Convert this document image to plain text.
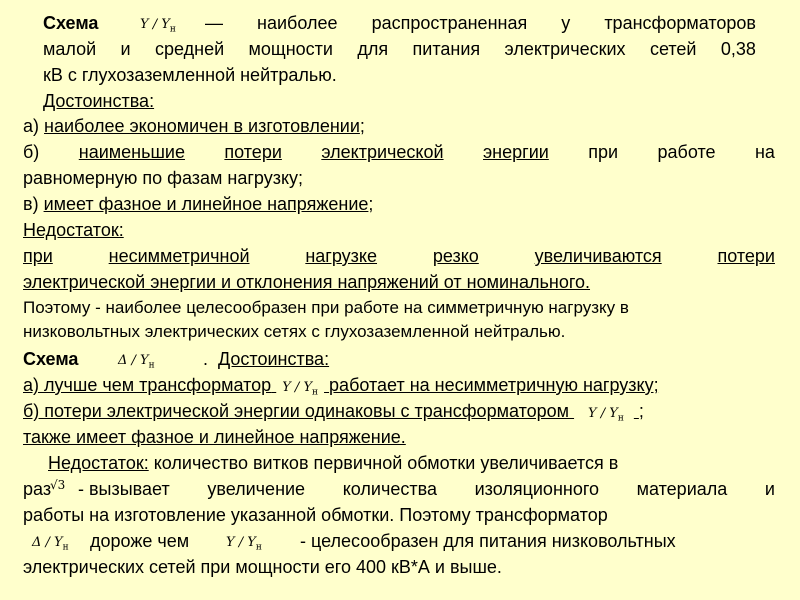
Схема	Y / $Y_н$ — наиболее распространенная у трансформаторов
малой и средней мощности для питания электрических сетей 0,38
кВ с глухозаземленной нейтралью.
Достоинства:
а) наиболее экономичен в изготовлении;
б) наименьшие потери электрической энергии при работе на
равномерную по фазам нагрузку;
в) имеет фазное и линейное напряжение;
Недостаток:
при	несимметричной	нагрузке	резко	увеличиваются	потери
электрической энергии и отклонения напряжений от номинального.
Поэтому - наиболее целесообразен при работе на симметричную нагрузку в
низковольтных электрических сетях с глухозаземленной нейтралью.
Схема	Δ / $Y_н$	. Достоинства:
а) лучше чем трансформатор Y / $Y_н$ работает на несимметричную нагрузку;
б) потери электрической энергии одинаковы с трансформатором Y / $Y_н$ ;
также имеет фазное и линейное напряжение.
Недостаток: количество витков первичной обмотки увеличивается в
раз
√3 - вызывает увеличение количества изоляционного материала и
работы на изготовление указанной обмотки. Поэтому трансформатор
Δ / $Y_н$ дороже чем	Y / $Y_н$ - целесообразен для питания низковольтных
электрических сетей при мощности его 400 кВ*А и выше.
